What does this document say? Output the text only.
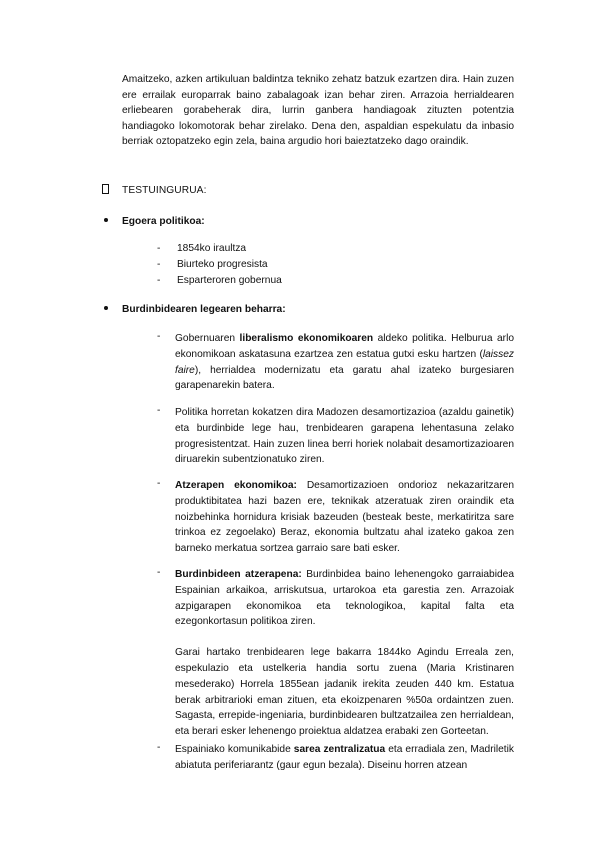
Amaitzeko, azken artikuluan baldintza tekniko zehatz batzuk ezartzen dira. Hain zuzen ere errailak europarrak baino zabalagoak izan behar ziren. Arrazoia herrialdearen erliebearen gorabeherak dira, lurrin ganbera handiagoak zituzten potentzia handiagoko lokomotorak behar zirelako. Dena den, aspaldian espekulatu da inbasio berriak oztopatzeko egin zela, baina argudio hori baieztatzeko dago oraindik.

TESTUINGURUA:
Egoera politikoa:
- 1854ko iraultza
- Biurteko progresista
- Esparteroren gobernua
Burdinbidearen legearen beharra:
- Gobernuaren liberalismo ekonomikoaren aldeko politika. Helburua arlo ekonomikoan askatasuna ezartzea zen estatua gutxi esku hartzen (laissez faire), herrialdea modernizatu eta garatu ahal izateko burgesiaren garapenarekin batera.

- Politika horretan kokatzen dira Madozen desamortizazioa (azaldu gainetik) eta burdinbide lege hau, trenbidearen garapena lehentasuna zelako progresistentzat. Hain zuzen linea berri horiek nolabait desamortizazioaren diruarekin subentzionatuko ziren.

- Atzerapen ekonomikoa: Desamortizazioen ondorioz nekazaritzaren produktibitatea hazi bazen ere, teknikak atzeratuak ziren oraindik eta noizbehinka hornidura krisiak bazeuden (besteak beste, merkatiritza sare trinkoa ez zegoelako) Beraz, ekonomia bultzatu ahal izateko gakoa zen barneko merkatua sortzea garraio sare bati esker.

- Burdinbideen atzerapena: Burdinbidea baino lehenengoko garraiabidea Espainian arkaikoa, arriskutsua, urtarokoa eta garestia zen. Arrazoiak azpigarapen ekonomikoa eta teknologikoa, kapital falta eta ezegonkortasun politikoa ziren.

Garai hartako trenbidearen lege bakarra 1844ko Agindu Erreala zen, espekulazio eta ustelkeria handia sortu zuena (Maria Kristinaren mesederako) Horrela 1855ean jadanik irekita zeuden 440 km. Estatua berak arbitrarioki eman zituen, eta ekoizpenaren %50a ordaintzen zuen. Sagasta, errepide-ingeniaria, burdinbidearen bultzatzailea zen herrialdean, eta berari esker lehenengo proiektua aldatzea erabaki zen Gorteetan.

- Espainiako komunikabide sarea zentralizatua eta erradiala zen, Madriletik abiatuta periferiarantz (gaur egun bezala). Diseinu horren atzean
